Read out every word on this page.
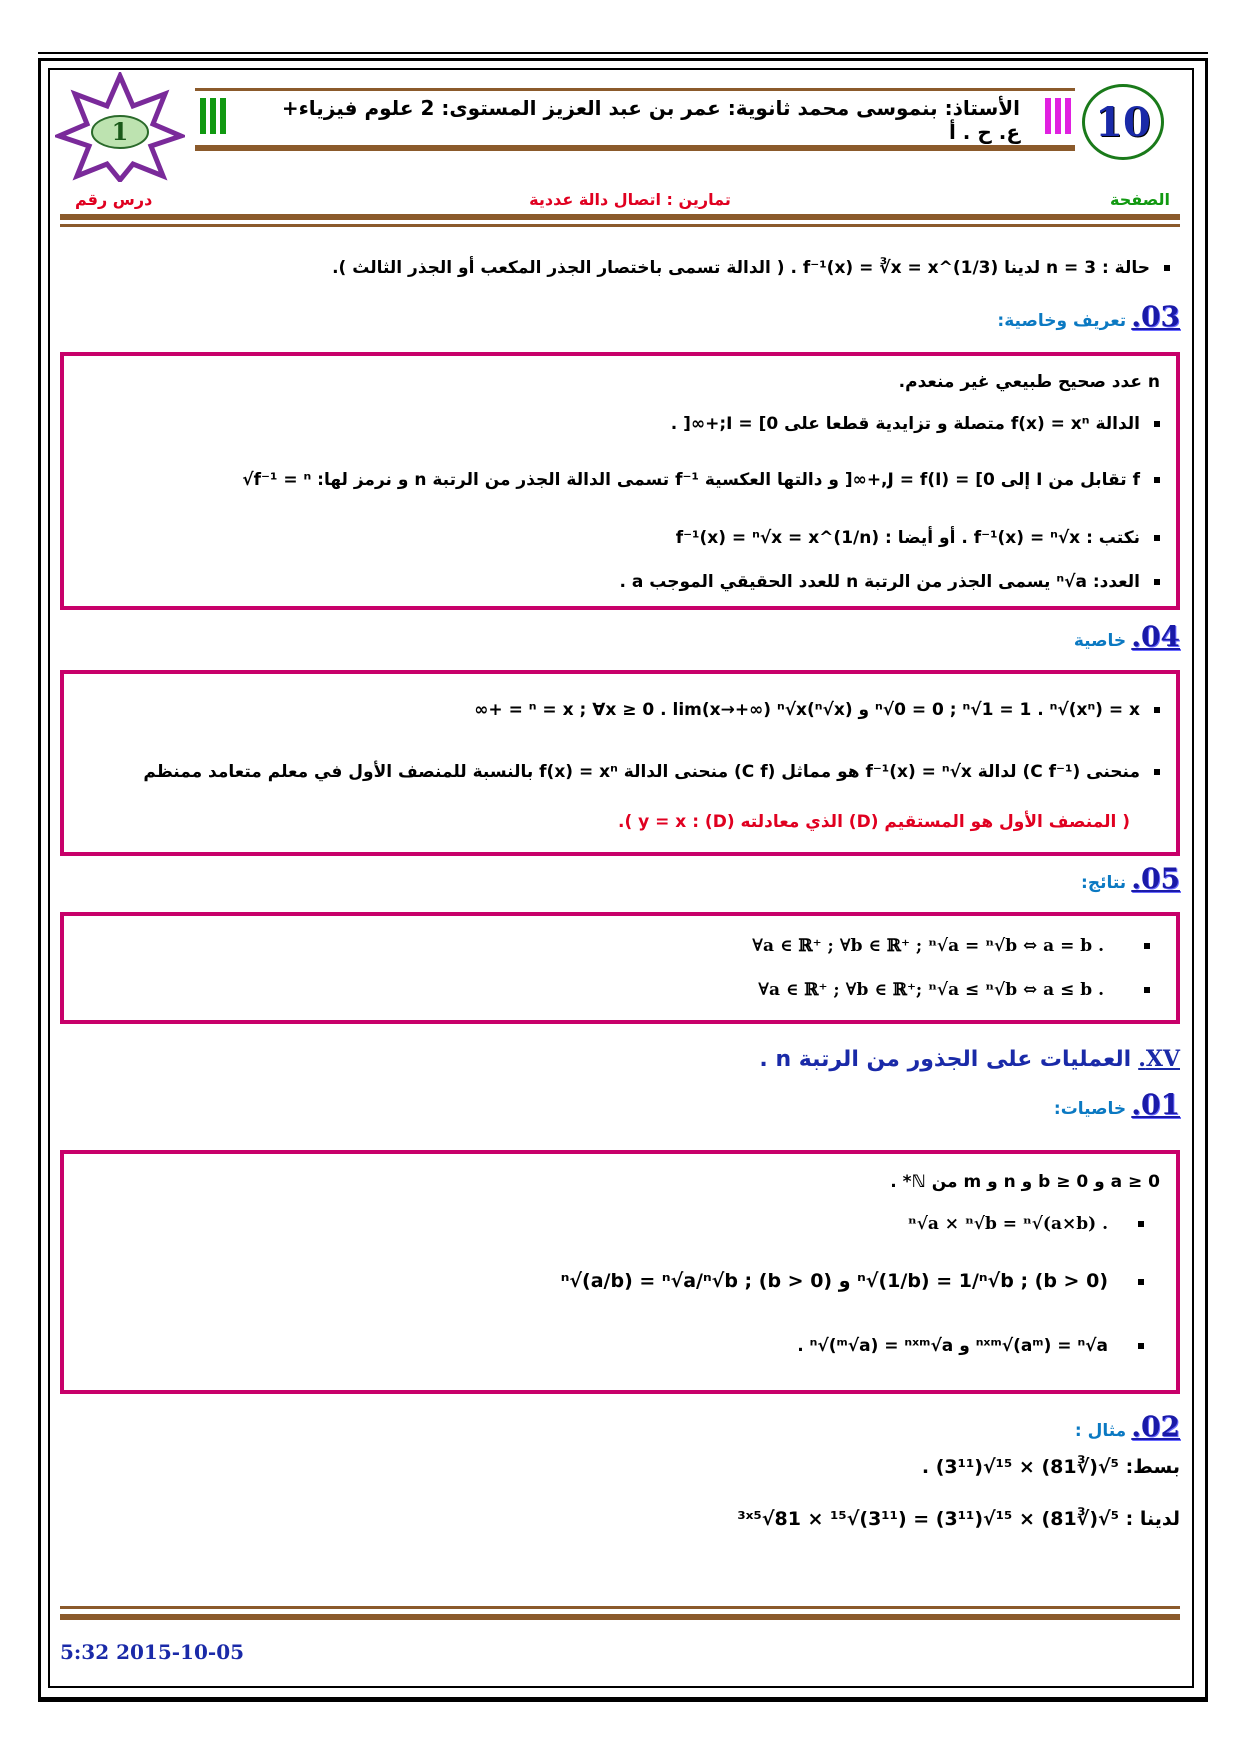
1	10
الأستاذ: بنموسى محمد ثانوية: عمر بن عبد العزيز المستوى: 2 علوم فيزياء+ ع. ح . أ
الصفحة
تمارين : اتصال دالة عددية
درس رقم
حالة : n = 3 لدينا f⁻¹(x) = ∛x = x^(1/3) . ( الدالة تسمى باختصار الجذر المكعب أو الجذر الثالث ).
03. تعريف وخاصية:
n عدد صحيح طبيعي غير منعدم.
الدالة f(x) = xⁿ متصلة و تزايدية قطعا على I = [0;+∞[ .
f تقابل من I إلى J = f(I) = [0,+∞[ و دالتها العكسية f⁻¹ تسمى الدالة الجذر من الرتبة n و نرمز لها: f⁻¹ = ⁿ√
نكتب : f⁻¹(x) = ⁿ√x . أو أيضا : f⁻¹(x) = ⁿ√x = x^(1/n)
العدد: ⁿ√a يسمى الجذر من الرتبة n للعدد الحقيقي الموجب a .
04. خاصية
ⁿ√0 = 0 ; ⁿ√1 = 1 . ⁿ√(xⁿ) = x و (ⁿ√x)ⁿ = x ; ∀x ≥ 0 . lim(x→+∞) ⁿ√x = +∞
منحنى (C f⁻¹) لدالة f⁻¹(x) = ⁿ√x هو مماثل (C f) منحنى الدالة f(x) = xⁿ بالنسبة للمنصف الأول في معلم متعامد ممنظم
( المنصف الأول هو المستقيم (D) الذي معادلته (D) : y = x ).
05. نتائج:
∀a ∈ ℝ⁺ ; ∀b ∈ ℝ⁺ ; ⁿ√a = ⁿ√b ⇔ a = b .
∀a ∈ ℝ⁺ ; ∀b ∈ ℝ⁺; ⁿ√a ≤ ⁿ√b ⇔ a ≤ b .
XV. العمليات على الجذور من الرتبة n .
01. خاصيات:
a ≥ 0 و b ≥ 0 و n و m من ℕ* .
ⁿ√a × ⁿ√b = ⁿ√(a×b) .
ⁿ√(1/b) = 1/ⁿ√b ; (b > 0) و ⁿ√(a/b) = ⁿ√a/ⁿ√b ; (b > 0)
ⁿˣᵐ√(aᵐ) = ⁿ√a و ⁿ√(ᵐ√a) = ⁿˣᵐ√a .
02. مثال :
بسط: ⁵√(∛81) × ¹⁵√(3¹¹) .
لدينا : ⁵√(∛81) × ¹⁵√(3¹¹) = ³ˣ⁵√81 × ¹⁵√(3¹¹)
5:32 2015-10-05
